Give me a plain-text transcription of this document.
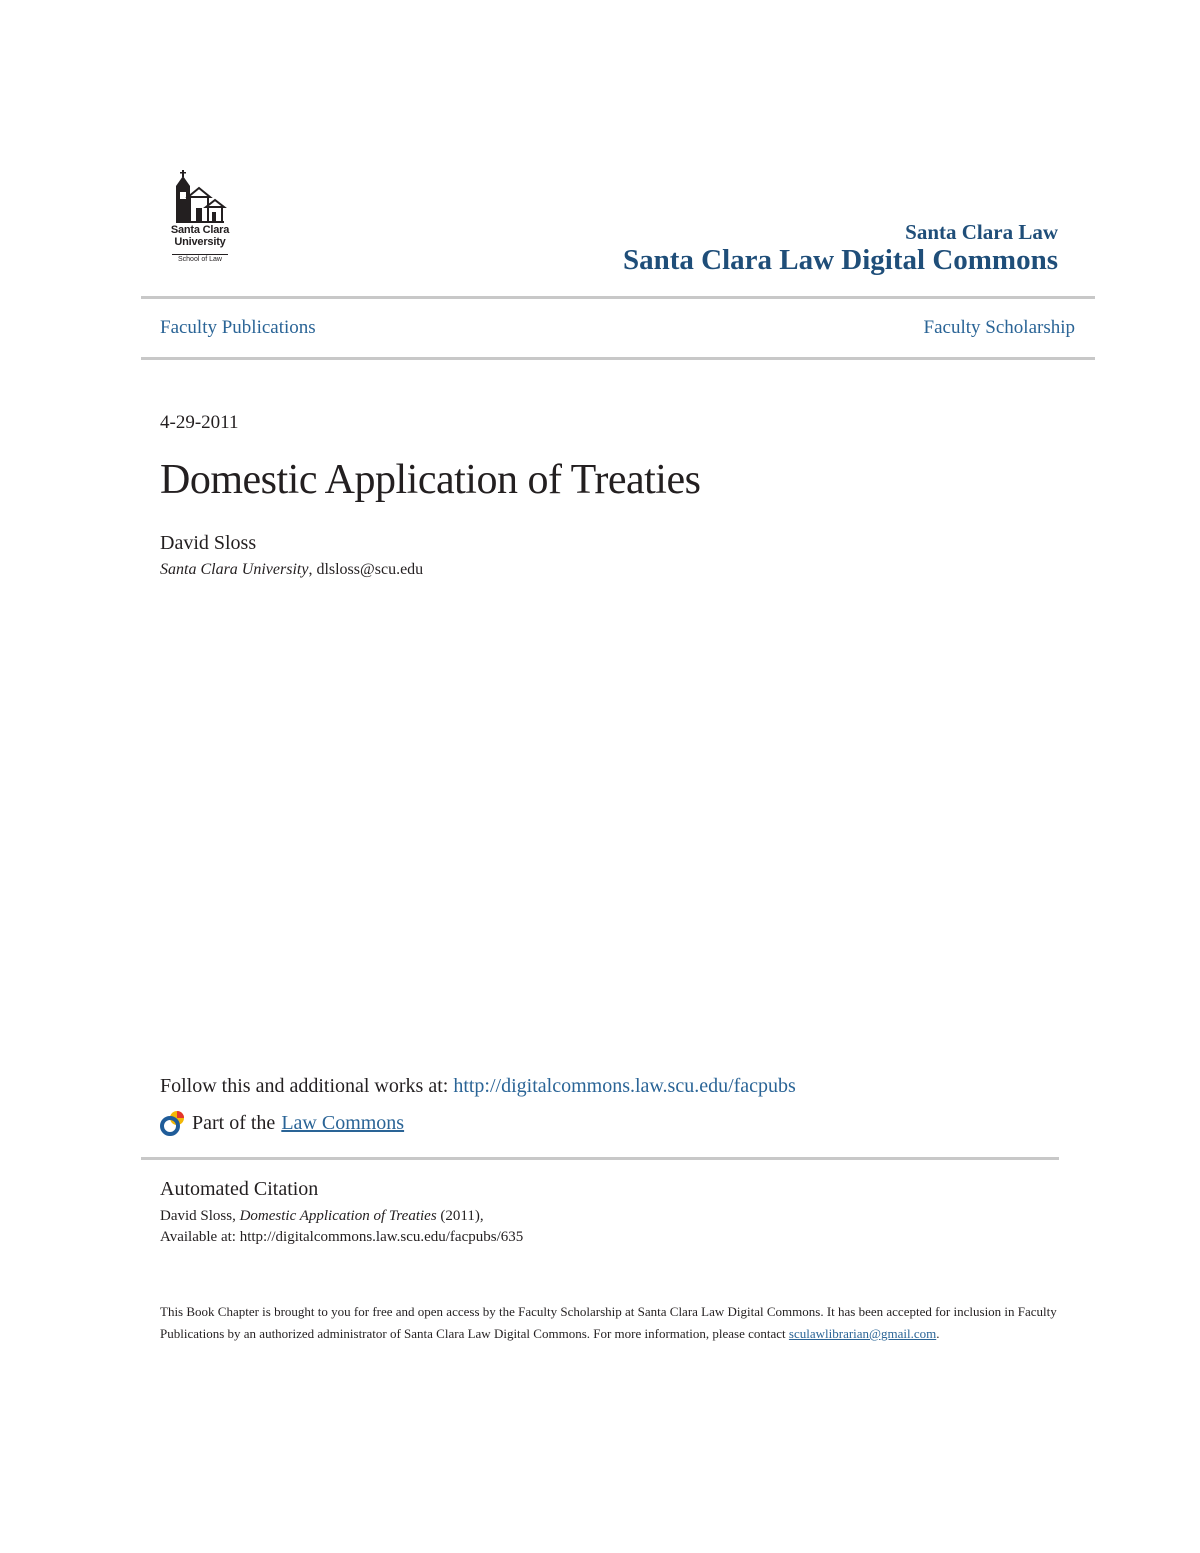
Santa Clara
University
School of Law
Santa Clara Law
Santa Clara Law Digital Commons
Faculty Publications	Faculty Scholarship
4-29-2011
Domestic Application of Treaties
David Sloss
Santa Clara University, dlsloss@scu.edu
Follow this and additional works at: http://digitalcommons.law.scu.edu/facpubs
Part of the Law Commons
Automated Citation
David Sloss, Domestic Application of Treaties (2011),
Available at: http://digitalcommons.law.scu.edu/facpubs/635
This Book Chapter is brought to you for free and open access by the Faculty Scholarship at Santa Clara Law Digital Commons. It has been accepted for inclusion in Faculty Publications by an authorized administrator of Santa Clara Law Digital Commons. For more information, please contact sculawlibrarian@gmail.com.
